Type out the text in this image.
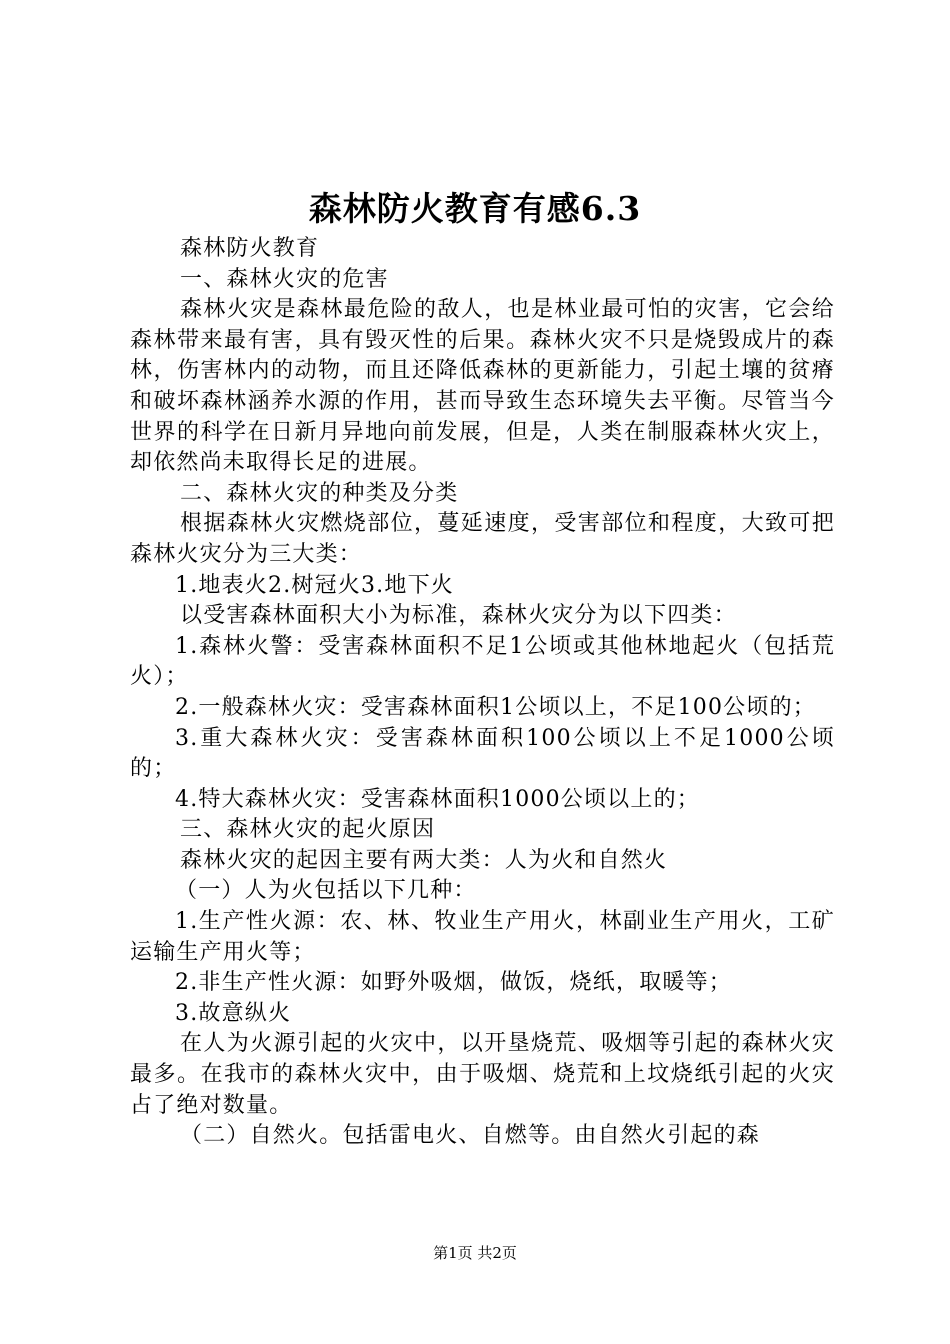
森林防火教育有感6.3

森林防火教育

一、森林火灾的危害

森林火灾是森林最危险的敌人，也是林业最可怕的灾害，它会给森林带来最有害，具有毁灭性的后果。森林火灾不只是烧毁成片的森林，伤害林内的动物，而且还降低森林的更新能力，引起土壤的贫瘠和破坏森林涵养水源的作用，甚而导致生态环境失去平衡。尽管当今世界的科学在日新月异地向前发展，但是，人类在制服森林火灾上，却依然尚未取得长足的进展。

二、森林火灾的种类及分类

根据森林火灾燃烧部位，蔓延速度，受害部位和程度，大致可把森林火灾分为三大类：

1.地表火2.树冠火3.地下火

以受害森林面积大小为标准，森林火灾分为以下四类：

1.森林火警：受害森林面积不足1公顷或其他林地起火（包括荒火）；

2.一般森林火灾：受害森林面积1公顷以上，不足100公顷的；

3.重大森林火灾：受害森林面积100公顷以上不足1000公顷的；

4.特大森林火灾：受害森林面积1000公顷以上的；

三、森林火灾的起火原因

森林火灾的起因主要有两大类：人为火和自然火

（一）人为火包括以下几种：

1.生产性火源：农、林、牧业生产用火，林副业生产用火，工矿运输生产用火等；

2.非生产性火源：如野外吸烟，做饭，烧纸，取暖等；

3.故意纵火

在人为火源引起的火灾中，以开垦烧荒、吸烟等引起的森林火灾最多。在我市的森林火灾中，由于吸烟、烧荒和上坟烧纸引起的火灾占了绝对数量。

（二）自然火。包括雷电火、自燃等。由自然火引起的森

第1页 共2页
